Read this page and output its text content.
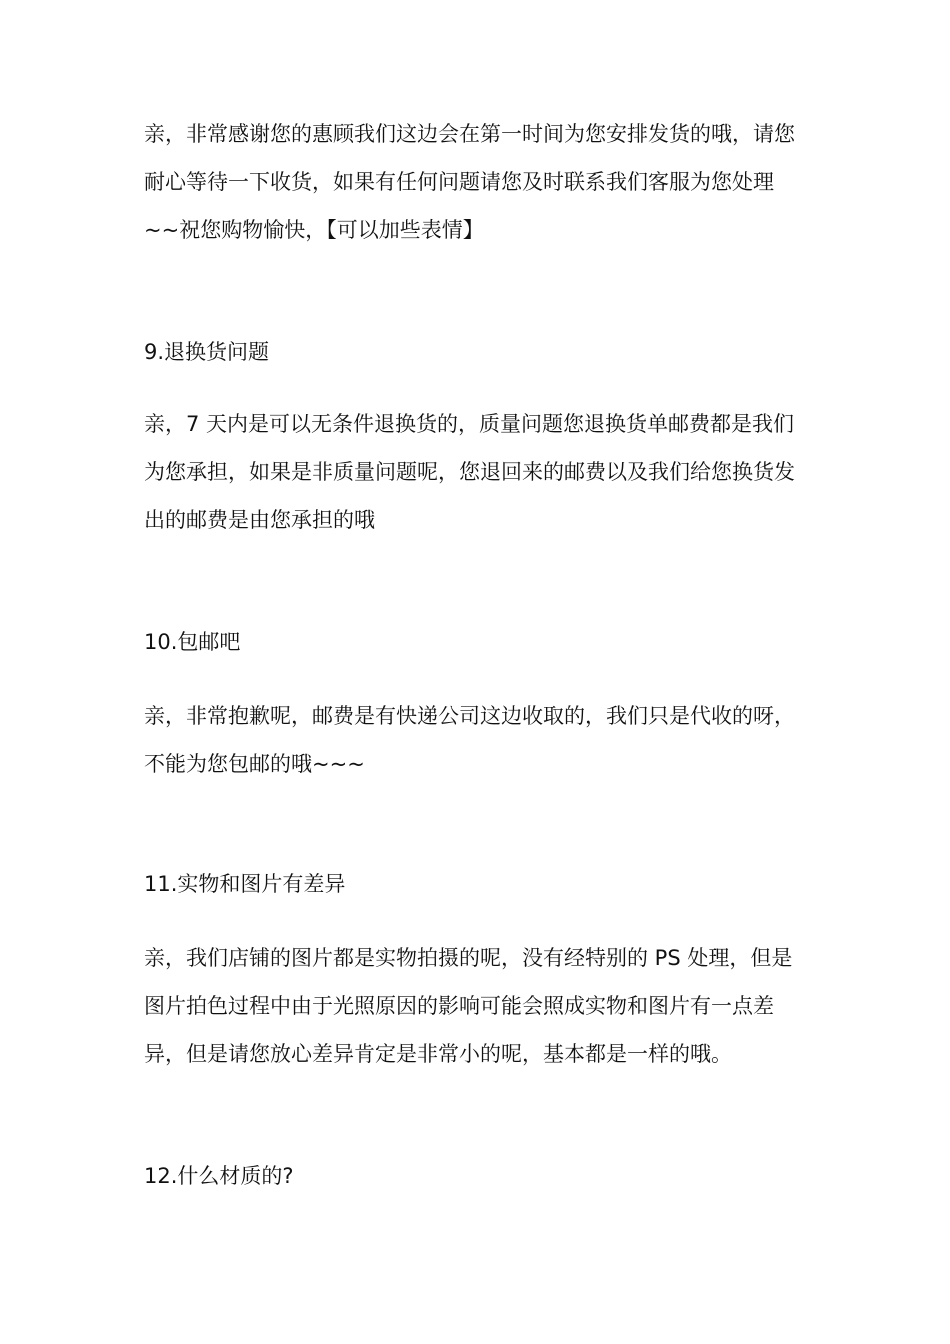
亲，非常感谢您的惠顾我们这边会在第一时间为您安排发货的哦，请您
耐心等待一下收货，如果有任何问题请您及时联系我们客服为您处理
~~祝您购物愉快，【可以加些表情】

9.退换货问题

亲，7 天内是可以无条件退换货的，质量问题您退换货单邮费都是我们
为您承担，如果是非质量问题呢，您退回来的邮费以及我们给您换货发
出的邮费是由您承担的哦

10.包邮吧

亲，非常抱歉呢，邮费是有快递公司这边收取的，我们只是代收的呀，
不能为您包邮的哦~~~

11.实物和图片有差异

亲，我们店铺的图片都是实物拍摄的呢，没有经特别的 PS 处理，但是
图片拍色过程中由于光照原因的影响可能会照成实物和图片有一点差
异，但是请您放心差异肯定是非常小的呢，基本都是一样的哦。

12.什么材质的?
